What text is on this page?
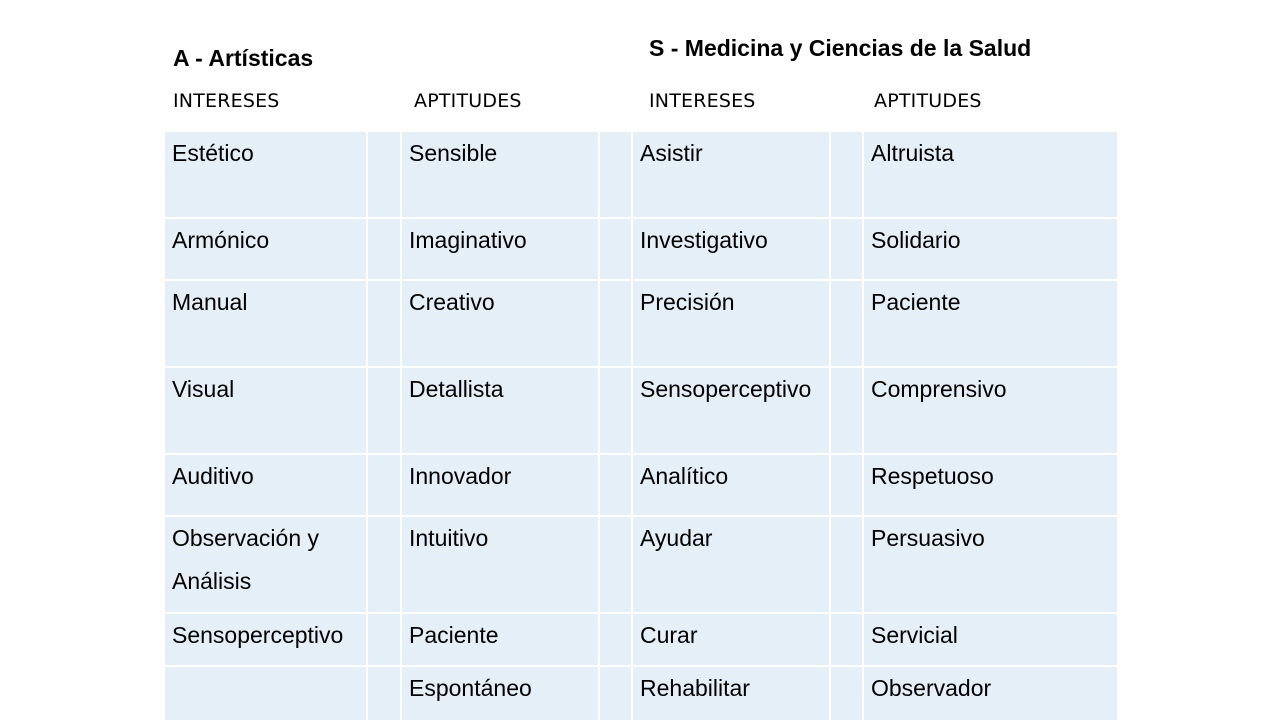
A - Artísticas	S - Medicina y Ciencias de la Salud
INTERESES	APTITUDES	INTERESES	APTITUDES
Estético		Sensible		Asistir		Altruista

Armónico		Imaginativo		Investigativo		Solidario

Manual		Creativo		Precisión		Paciente

Visual		Detallista		Sensoperceptivo		Comprensivo

Auditivo		Innovador		Analítico		Respetuoso

Observación y Análisis		Intuitivo		Ayudar		Persuasivo

Sensoperceptivo		Paciente		Curar		Servicial

		Espontáneo		Rehabilitar		Observador
